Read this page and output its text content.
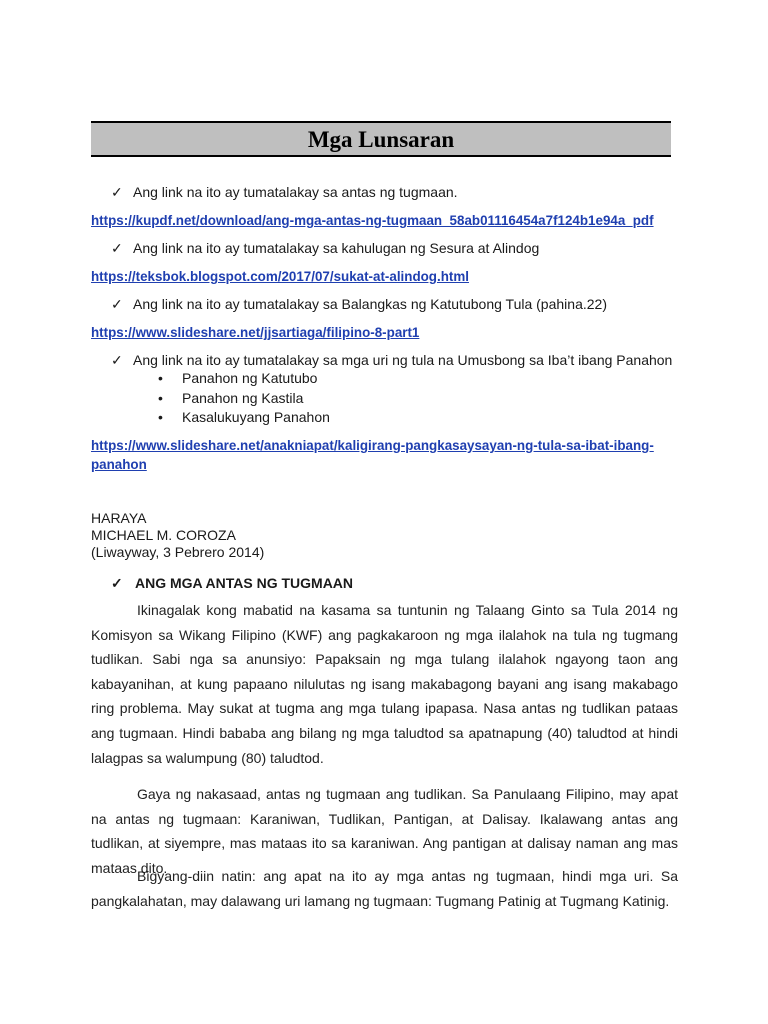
Mga Lunsaran
✓ Ang link na ito ay tumatalakay sa antas ng tugmaan.
https://kupdf.net/download/ang-mga-antas-ng-tugmaan_58ab01116454a7f124b1e94a_pdf
✓ Ang link na ito ay tumatalakay sa kahulugan ng Sesura at Alindog
https://teksbok.blogspot.com/2017/07/sukat-at-alindog.html
✓ Ang link na ito ay tumatalakay sa Balangkas ng Katutubong Tula (pahina.22)
https://www.slideshare.net/jjsartiaga/filipino-8-part1
✓ Ang link na ito ay tumatalakay sa mga uri ng tula na Umusbong sa Iba’t ibang Panahon
• Panahon ng Katutubo
• Panahon ng Kastila
• Kasalukuyang Panahon
https://www.slideshare.net/anakniapat/kaligirang-pangkasaysayan-ng-tula-sa-ibat-ibang-
panahon
HARAYA
MICHAEL M. COROZA
(Liwayway, 3 Pebrero 2014)
✓ ANG MGA ANTAS NG TUGMAAN

Ikinagalak kong mabatid na kasama sa tuntunin ng Talaang Ginto sa Tula 2014 ng Komisyon sa Wikang Filipino (KWF) ang pagkakaroon ng mga ilalahok na tula ng tugmang tudlikan. Sabi nga sa anunsiyo: Papaksain ng mga tulang ilalahok ngayong taon ang kabayanihan, at kung papaano nilulutas ng isang makabagong bayani ang isang makabago ring problema. May sukat at tugma ang mga tulang ipapasa. Nasa antas ng tudlikan pataas ang tugmaan. Hindi bababa ang bilang ng mga taludtod sa apatnapung (40) taludtod at hindi lalagpas sa walumpung (80) taludtod.

Gaya ng nakasaad, antas ng tugmaan ang tudlikan. Sa Panulaang Filipino, may apat na antas ng tugmaan: Karaniwan, Tudlikan, Pantigan, at Dalisay. Ikalawang antas ang tudlikan, at siyempre, mas mataas ito sa karaniwan. Ang pantigan at dalisay naman ang mas mataas dito.

Bigyang-diin natin: ang apat na ito ay mga antas ng tugmaan, hindi mga uri. Sa pangkalahatan, may dalawang uri lamang ng tugmaan: Tugmang Patinig at Tugmang Katinig.
